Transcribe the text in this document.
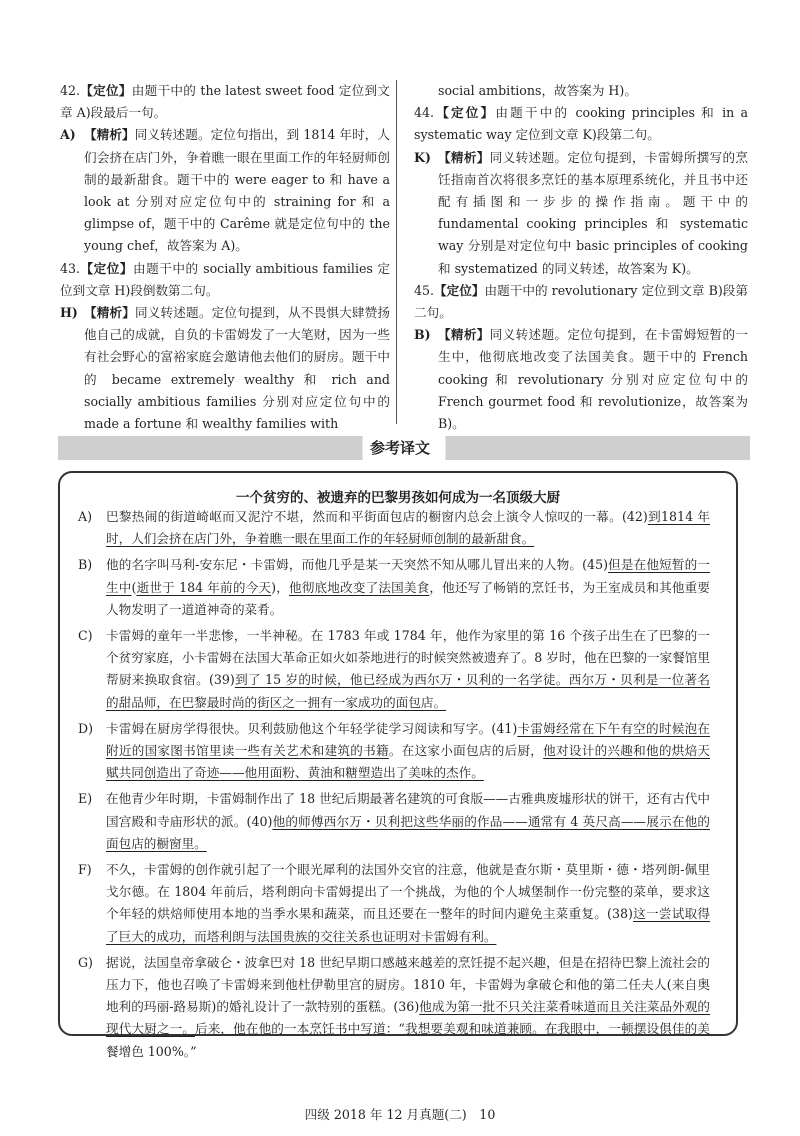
42.【定位】由题干中的 the latest sweet food 定位到文章 A)段最后一句。
A) 【精析】同义转述题。定位句指出，到 1814 年时，人们会挤在店门外，争着瞧一眼在里面工作的年轻厨师创制的最新甜食。题干中的 were eager to 和 have a look at 分别对应定位句中的 straining for 和 a glimpse of，题干中的 Carême 就是定位句中的 the young chef，故答案为 A)。
43.【定位】由题干中的 socially ambitious families 定位到文章 H)段倒数第二句。
H) 【精析】同义转述题。定位句提到，从不畏惧大肆赞扬他自己的成就，自负的卡雷姆发了一大笔财，因为一些有社会野心的富裕家庭会邀请他去他们的厨房。题干中的 became extremely wealthy 和 rich and socially ambitious families 分别对应定位句中的 made a fortune 和 wealthy families with
social ambitions，故答案为 H)。
44.【定位】由题干中的 cooking principles 和 in a systematic way 定位到文章 K)段第二句。
K) 【精析】同义转述题。定位句提到，卡雷姆所撰写的烹饪指南首次将很多烹饪的基本原理系统化，并且书中还配有插图和一步步的操作指南。题干中的 fundamental cooking principles 和 systematic way 分别是对定位句中 basic principles of cooking 和 systematized 的同义转述，故答案为 K)。
45.【定位】由题干中的 revolutionary 定位到文章 B)段第二句。
B) 【精析】同义转述题。定位句提到，在卡雷姆短暂的一生中，他彻底地改变了法国美食。题干中的 French cooking 和 revolutionary 分别对应定位句中的 French gourmet food 和 revolutionize，故答案为 B)。
参考译文
一个贫穷的、被遗弃的巴黎男孩如何成为一名顶级大厨
A) 巴黎热闹的街道崎岖而又泥泞不堪，然而和平街面包店的橱窗内总会上演令人惊叹的一幕。(42)到1814 年时，人们会挤在店门外，争着瞧一眼在里面工作的年轻厨师创制的最新甜食。
B) 他的名字叫马利-安东尼・卡雷姆，而他几乎是某一天突然不知从哪儿冒出来的人物。(45)但是在他短暂的一生中(逝世于 184 年前的今天)，他彻底地改变了法国美食，他还写了畅销的烹饪书，为王室成员和其他重要人物发明了一道道神奇的菜肴。
C) 卡雷姆的童年一半悲惨，一半神秘。在 1783 年或 1784 年，他作为家里的第 16 个孩子出生在了巴黎的一个贫穷家庭，小卡雷姆在法国大革命正如火如荼地进行的时候突然被遗弃了。8 岁时，他在巴黎的一家餐馆里帮厨来换取食宿。(39)到了 15 岁的时候，他已经成为西尔万・贝利的一名学徒。西尔万・贝利是一位著名的甜品师，在巴黎最时尚的街区之一拥有一家成功的面包店。
D) 卡雷姆在厨房学得很快。贝利鼓励他这个年轻学徒学习阅读和写字。(41)卡雷姆经常在下午有空的时候泡在附近的国家图书馆里读一些有关艺术和建筑的书籍。在这家小面包店的后厨，他对设计的兴趣和他的烘焙天赋共同创造出了奇迹——他用面粉、黄油和糖塑造出了美味的杰作。
E) 在他青少年时期，卡雷姆制作出了 18 世纪后期最著名建筑的可食版——古雅典废墟形状的饼干，还有古代中国宫殿和寺庙形状的派。(40)他的师傅西尔万・贝利把这些华丽的作品——通常有 4 英尺高——展示在他的面包店的橱窗里。
F) 不久，卡雷姆的创作就引起了一个眼光犀利的法国外交官的注意，他就是查尔斯・莫里斯・德・塔列朗-佩里戈尔德。在 1804 年前后，塔利朗向卡雷姆提出了一个挑战，为他的个人城堡制作一份完整的菜单，要求这个年轻的烘焙师使用本地的当季水果和蔬菜，而且还要在一整年的时间内避免主菜重复。(38)这一尝试取得了巨大的成功，而塔利朗与法国贵族的交往关系也证明对卡雷姆有利。
G) 据说，法国皇帝拿破仑・波拿巴对 18 世纪早期口感越来越差的烹饪提不起兴趣，但是在招待巴黎上流社会的压力下，他也召唤了卡雷姆来到他杜伊勒里宫的厨房。1810 年，卡雷姆为拿破仑和他的第二任夫人(来自奥地利的玛丽-路易斯)的婚礼设计了一款特别的蛋糕。(36)他成为第一批不只关注菜肴味道而且关注菜品外观的现代大厨之一。后来，他在他的一本烹饪书中写道：“我想要美观和味道兼顾。在我眼中，一顿摆设俱佳的美餐增色 100%。”
四级 2018 年 12 月真题(二)　10
